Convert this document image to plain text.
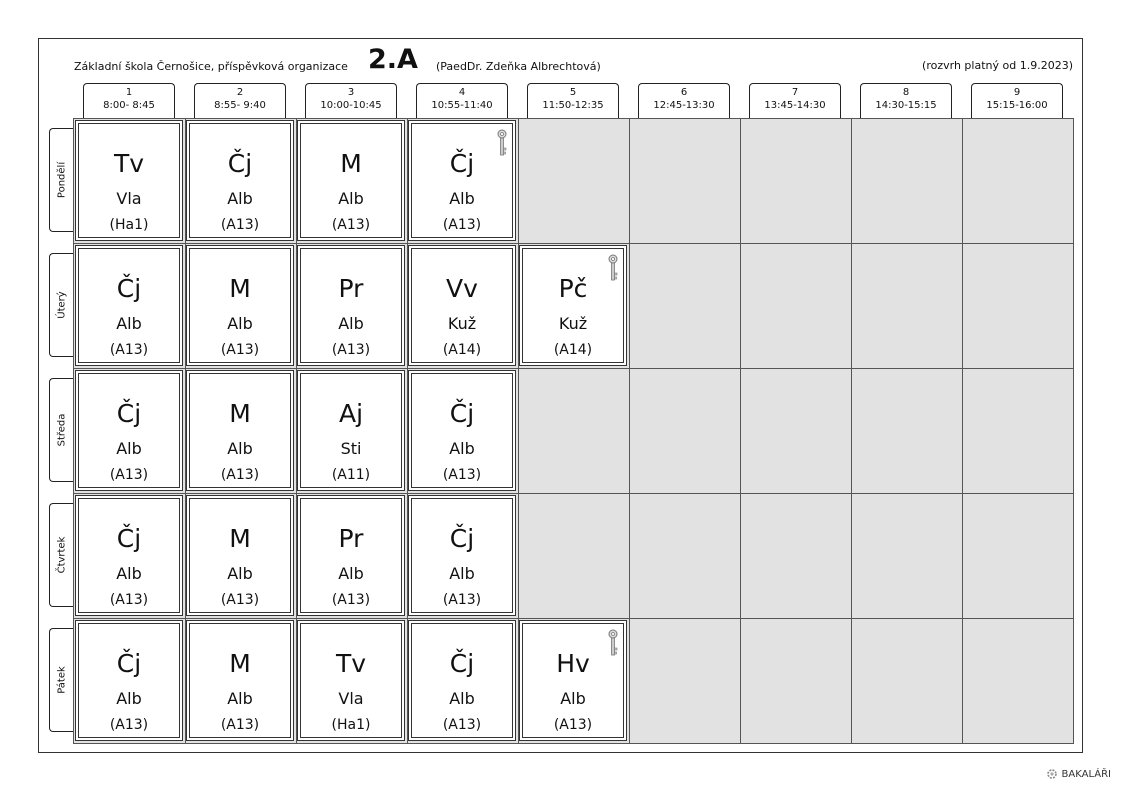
Základní škola Černošice, příspěvková organizace 2.A (PaedDr. Zdeňka Albrechtová)	(rozvrh platný od 1.9.2023)
1
8:00- 8:45
2
8:55- 9:40
3
10:00-10:45
4
10:55-11:40
5
11:50-12:35
6
12:45-13:30
7
13:45-14:30
8
14:30-15:15
9
15:15-16:00
Pondělí
Úterý
Středa
Čtvrtek
Pátek
Tv
Vla
(Ha1)
Čj
Alb
(A13)
M
Alb
(A13)
Čj
Alb
(A13)
Čj
Alb
(A13)
M
Alb
(A13)
Pr
Alb
(A13)
Vv
Kuž
(A14)
Pč
Kuž
(A14)
Čj
Alb
(A13)
M
Alb
(A13)
Aj
Sti
(A11)
Čj
Alb
(A13)
Čj
Alb
(A13)
M
Alb
(A13)
Pr
Alb
(A13)
Čj
Alb
(A13)
Čj
Alb
(A13)
M
Alb
(A13)
Tv
Vla
(Ha1)
Čj
Alb
(A13)
Hv
Alb
(A13)
BAKALÁŘI
